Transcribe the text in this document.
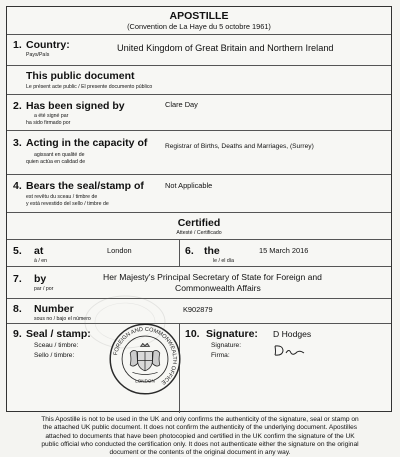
APOSTILLE
(Convention de La Haye du 5 octobre 1961)
1. Country:
Pays/País
United Kingdom of Great Britain and Northern Ireland
This public document
Le présent acte public / El presente documento público
2. Has been signed by
a été signé par
ha sido firmado por
Clare Day
3. Acting in the capacity of
agissant en qualité de
quien actúa en calidad de
Registrar of Births, Deaths and Marriages, (Surrey)
4. Bears the seal/stamp of
est revêtu du sceau / timbre de
y está revestido del sello / timbre de
Not Applicable
Certified
Attesté / Certificado
5. at
à / en
London	6. the
le / el día
15 March 2016
7. by
par / por
Her Majesty's Principal Secretary of State for Foreign and
Commonwealth Affairs
8. Number
sous no / bajo el número
K902879
9. Seal / stamp:
Sceau / timbre:
Sello / timbre:
10. Signature: D Hodges
Signature:
Firma:
FOREIGN AND COMMONWEALTH OFFICE
LONDON
This Apostille is not to be used in the UK and only confirms the authenticity of the signature, seal or stamp on
the attached UK public document. It does not confirm the authenticity of the underlying document. Apostilles
attached to documents that have been photocopied and certified in the UK confirm the signature of the UK
public official who conducted the certification only. It does not authenticate either the signature on the original
document or the contents of the original document in any way.
